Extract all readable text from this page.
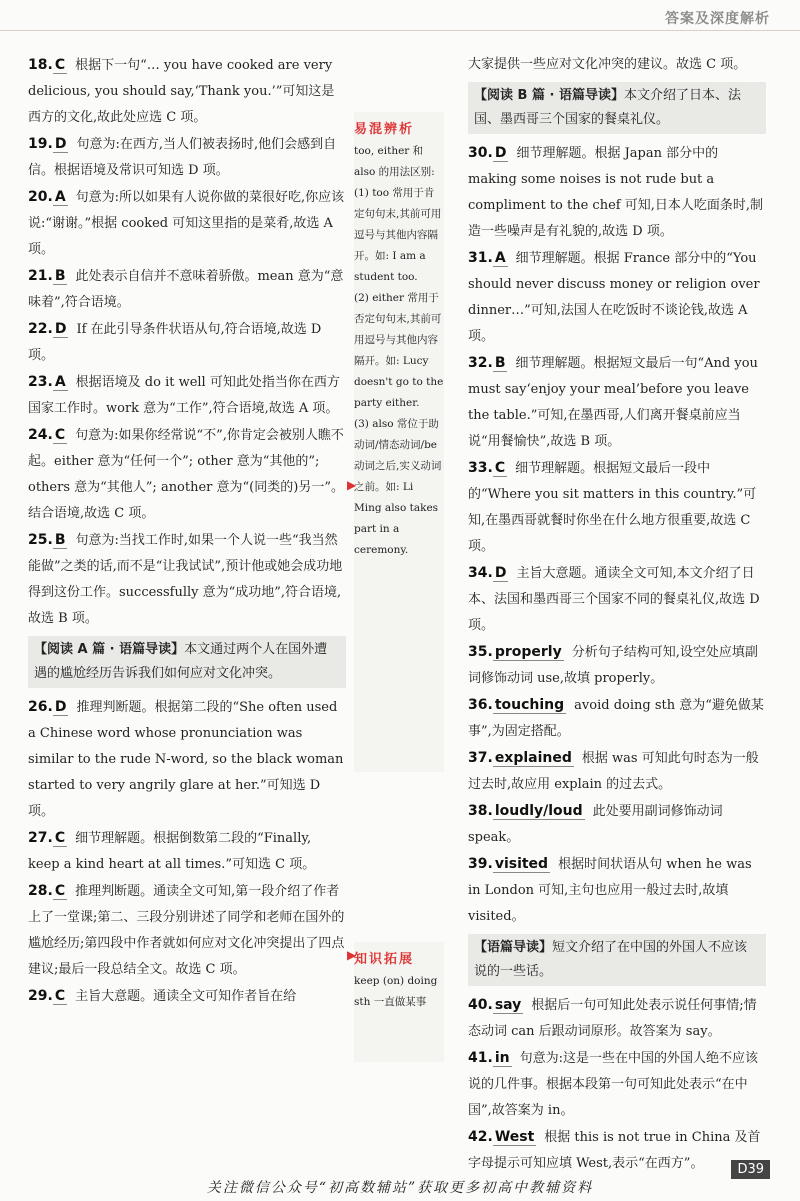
答案及深度解析

18. C 根据下一句“… you have cooked are very delicious, you should say,‘Thank you.’”可知这是西方的文化,故此处应选 C 项。

19. D 句意为:在西方,当人们被表扬时,他们会感到自信。根据语境及常识可知选 D 项。

20. A 句意为:所以如果有人说你做的菜很好吃,你应该说:“谢谢。”根据 cooked 可知这里指的是菜肴,故选 A 项。

21. B 此处表示自信并不意味着骄傲。mean 意为“意味着”,符合语境。

22. D If 在此引导条件状语从句,符合语境,故选 D 项。

23. A 根据语境及 do it well 可知此处指当你在西方国家工作时。work 意为“工作”,符合语境,故选 A 项。

24. C 句意为:如果你经常说“不”,你肯定会被别人瞧不起。either 意为“任何一个”; other 意为“其他的”; others 意为“其他人”; another 意为“(同类的)另一”。结合语境,故选 C 项。

25. B 句意为:当找工作时,如果一个人说一些“我当然能做”之类的话,而不是“让我试试”,预计他或她会成功地得到这份工作。successfully 意为“成功地”,符合语境,故选 B 项。

【阅读 A 篇 · 语篇导读】本文通过两个人在国外遭遇的尴尬经历告诉我们如何应对文化冲突。

26. D 推理判断题。根据第二段的“She often used a Chinese word whose pronunciation was similar to the rude N-word, so the black woman started to very angrily glare at her.”可知选 D 项。

27. C 细节理解题。根据倒数第二段的“Finally, keep a kind heart at all times.”可知选 C 项。

28. C 推理判断题。通读全文可知,第一段介绍了作者上了一堂课;第二、三段分别讲述了同学和老师在国外的尴尬经历;第四段中作者就如何应对文化冲突提出了四点建议;最后一段总结全文。故选 C 项。

29. C 主旨大意题。通读全文可知作者旨在给

易混辨析

too, either 和 also 的用法区别:

(1) too 常用于肯定句句末,其前可用逗号与其他内容隔开。如: I am a student too.

(2) either 常用于否定句句末,其前可用逗号与其他内容隔开。如: Lucy doesn't go to the party either.

(3) also 常位于助动词/情态动词/be 动词之后,实义动词之前。如: Li Ming also takes part in a ceremony.

▶
知识拓展

keep (on) doing sth 一直做某事

▶

大家提供一些应对文化冲突的建议。故选 C 项。

【阅读 B 篇 · 语篇导读】本文介绍了日本、法国、墨西哥三个国家的餐桌礼仪。

30. D 细节理解题。根据 Japan 部分中的 making some noises is not rude but a compliment to the chef 可知,日本人吃面条时,制造一些噪声是有礼貌的,故选 D 项。

31. A 细节理解题。根据 France 部分中的“You should never discuss money or religion over dinner…”可知,法国人在吃饭时不谈论钱,故选 A 项。

32. B 细节理解题。根据短文最后一句“And you must say‘enjoy your meal’before you leave the table.”可知,在墨西哥,人们离开餐桌前应当说“用餐愉快”,故选 B 项。

33. C 细节理解题。根据短文最后一段中的“Where you sit matters in this country.”可知,在墨西哥就餐时你坐在什么地方很重要,故选 C 项。

34. D 主旨大意题。通读全文可知,本文介绍了日本、法国和墨西哥三个国家不同的餐桌礼仪,故选 D 项。

35. properly 分析句子结构可知,设空处应填副词修饰动词 use,故填 properly。

36. touching avoid doing sth 意为“避免做某事”,为固定搭配。

37. explained 根据 was 可知此句时态为一般过去时,故应用 explain 的过去式。

38. loudly/loud 此处要用副词修饰动词 speak。

39. visited 根据时间状语从句 when he was in London 可知,主句也应用一般过去时,故填 visited。

【语篇导读】短文介绍了在中国的外国人不应该说的一些话。

40. say 根据后一句可知此处表示说任何事情;情态动词 can 后跟动词原形。故答案为 say。

41. in 句意为:这是一些在中国的外国人绝不应该说的几件事。根据本段第一句可知此处表示“在中国”,故答案为 in。

42. West 根据 this is not true in China 及首字母提示可知应填 West,表示“在西方”。	D39
关注微信公众号“初高数辅站”获取更多初高中教辅资料
